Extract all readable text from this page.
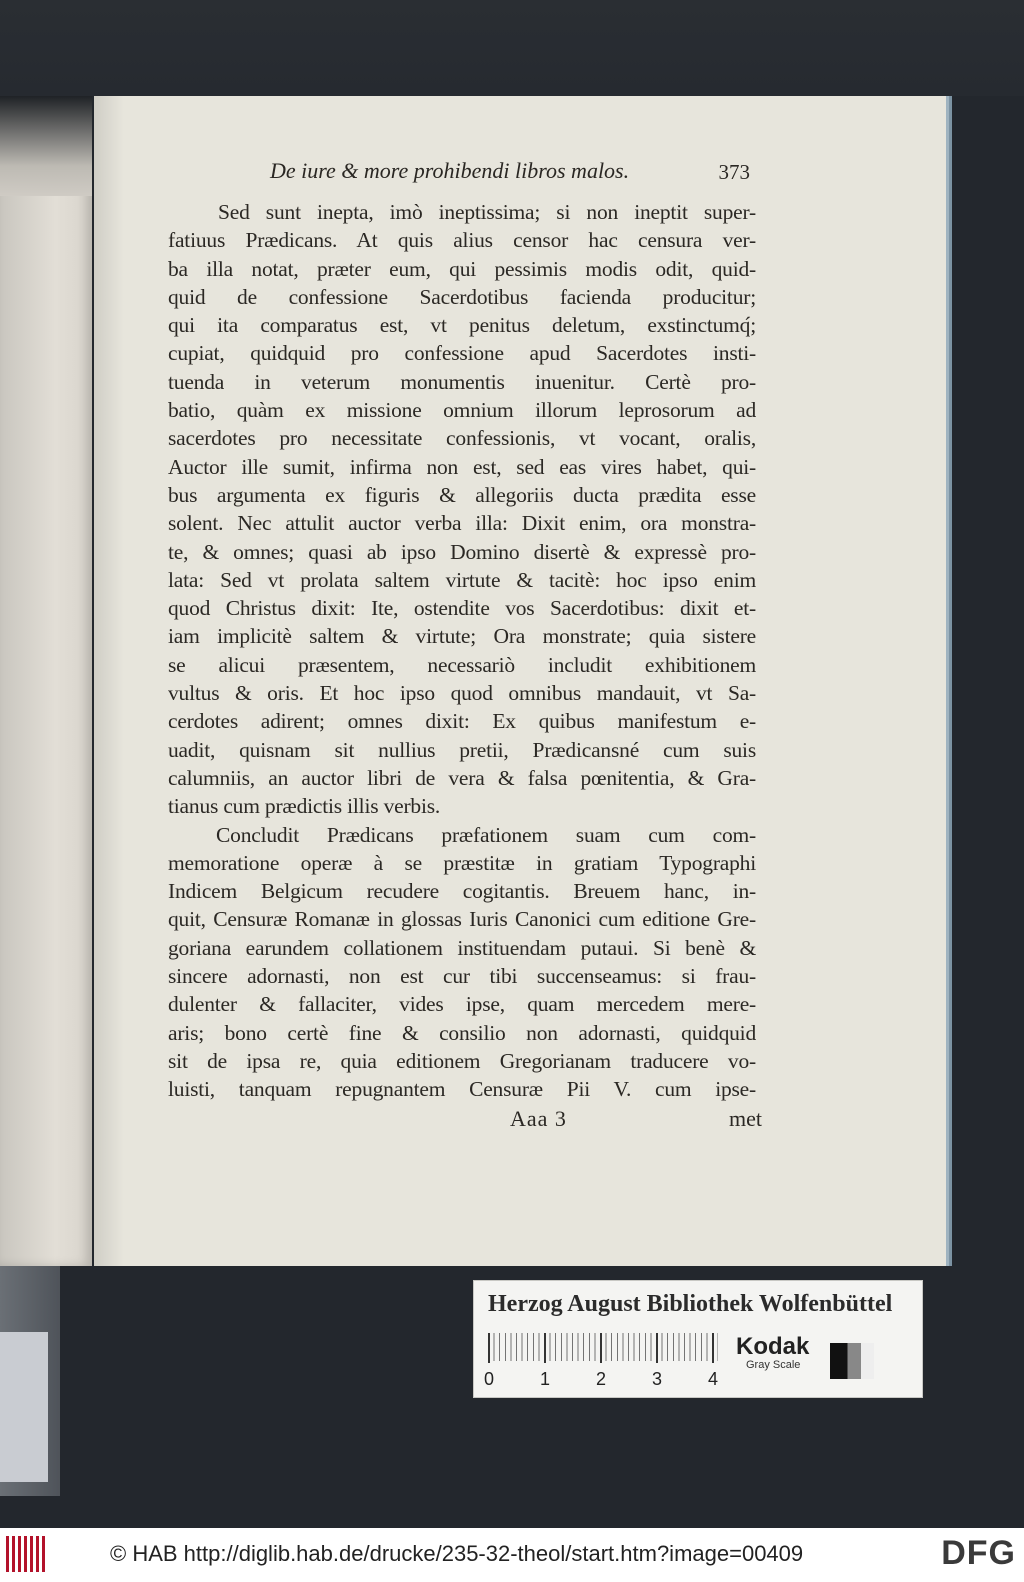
De iure & more prohibendi libros malos.	373
Sed sunt inepta, imò ineptissima; si non ineptit super-
fatiuus Prædicans. At quis alius censor hac censura ver-
ba illa notat, præter eum, qui pessimis modis odit, quid-
quid de confessione Sacerdotibus facienda producitur;
qui ita comparatus est, vt penitus deletum, exstinctumq́;
cupiat, quidquid pro confessione apud Sacerdotes insti-
tuenda in veterum monumentis inuenitur. Certè pro-
batio, quàm ex missione omnium illorum leprosorum ad
sacerdotes pro necessitate confessionis, vt vocant, oralis,
Auctor ille sumit, infirma non est, sed eas vires habet, qui-
bus argumenta ex figuris & allegoriis ducta prædita esse
solent. Nec attulit auctor verba illa: Dixit enim, ora monstra-
te, & omnes; quasi ab ipso Domino disertè & expressè pro-
lata: Sed vt prolata saltem virtute & tacitè: hoc ipso enim
quod Christus dixit: Ite, ostendite vos Sacerdotibus: dixit et-
iam implicitè saltem & virtute; Ora monstrate; quia sistere
se alicui præsentem, necessariò includit exhibitionem
vultus & oris. Et hoc ipso quod omnibus mandauit, vt Sa-
cerdotes adirent; omnes dixit: Ex quibus manifestum e-
uadit, quisnam sit nullius pretii, Prædicansné cum suis
calumniis, an auctor libri de vera & falsa pœnitentia, & Gra-
tianus cum prædictis illis verbis.
Concludit Prædicans præfationem suam cum com-
memoratione operæ à se præstitæ in gratiam Typographi
Indicem Belgicum recudere cogitantis. Breuem hanc, in-
quit, Censuræ Romanæ in glossas Iuris Canonici cum editione Gre-
goriana earundem collationem instituendam putaui. Si benè &
sincere adornasti, non est cur tibi succenseamus: si frau-
dulenter & fallaciter, vides ipse, quam mercedem mere-
aris; bono certè fine & consilio non adornasti, quidquid
sit de ipsa re, quia editionem Gregorianam traducere vo-
luisti, tanquam repugnantem Censuræ Pii V. cum ipse-
Aaa 3	met
Herzog August Bibliothek Wolfenbüttel
0	1	2	3	4
Kodak
Gray Scale
© HAB http://diglib.hab.de/drucke/235-32-theol/start.htm?image=00409	DFG
